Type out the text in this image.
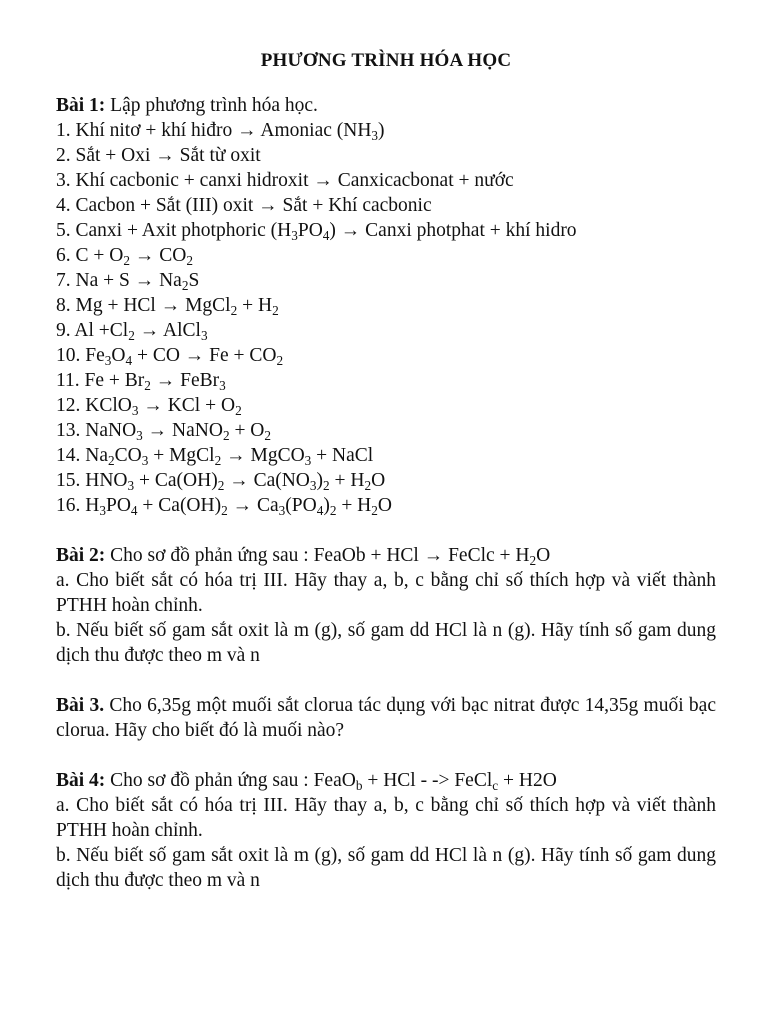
PHƯƠNG TRÌNH HÓA HỌC

Bài 1: Lập phương trình hóa học.

1. Khí nitơ + khí hiđro → Amoniac $(NH_3)$

2. Sắt + Oxi → Sắt từ oxit

3. Khí cacbonic + canxi hidroxit → Canxicacbonat + nước

4. Cacbon + Sắt (III) oxit → Sắt + Khí cacbonic

5. Canxi + Axit photphoric $(H_3PO_4)$ → Canxi photphat + khí hidro

6. $C + O_2 \to CO_2$

7. $Na + S \to Na_2S$

8. Mg + HCl → MgCl$_2$ + $H_2$

9. $Al +Cl_2$ → AlCl$_3$

10. $Fe_3O_4$ + CO → $Fe + CO_2$

11. $Fe + Br_2$ → FeBr$_3$

12. KClO$_3$ → KCl + $O_2$

13. NaNO$_3$ → NaNO$_2$ + $O_2$

14. $Na_2CO_3$ + MgCl$_2$ → MgCO$_3$ + NaCl

15. $HNO_3 + Ca(OH)_2 \to Ca(NO_3)_2 + H_2O$

16. $H_3PO_4 + Ca(OH)_2 \to Ca_3(PO_4)_2 + H_2O$

Bài 2: Cho sơ đồ phản ứng sau : FeaOb + HCl → FeClc + $H_2O$

a. Cho biết sắt có hóa trị III. Hãy thay a, b, c bằng chỉ số thích hợp và viết thành PTHH hoàn chỉnh.

b. Nếu biết số gam sắt oxit là m (g), số gam dd HCl là n (g). Hãy tính số gam dung dịch thu được theo m và n

Bài 3. Cho 6,35g một muối sắt clorua tác dụng với bạc nitrat được 14,35g muối bạc clorua. Hãy cho biết đó là muối nào?

Bài 4: Cho sơ đồ phản ứng sau : FeaO$_b$ + HCl - -> FeCl$_c$ + H2O

a. Cho biết sắt có hóa trị III. Hãy thay a, b, c bằng chỉ số thích hợp và viết thành PTHH hoàn chỉnh.

b. Nếu biết số gam sắt oxit là m (g), số gam dd HCl là n (g). Hãy tính số gam dung dịch thu được theo m và n
